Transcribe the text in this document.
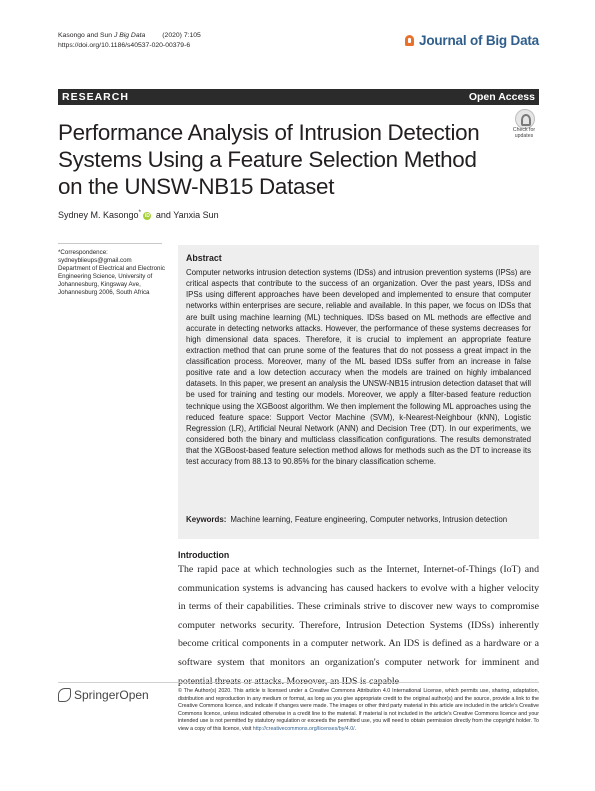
Kasongo and Sun J Big Data	(2020) 7:105
https://doi.org/10.1186/s40537-020-00379-6	Journal of Big Data
RESEARCH	Open Access
Performance Analysis of Intrusion Detection Systems Using a Feature Selection Method on the UNSW-NB15 Dataset
Check for
updates
Sydney M. Kasongo* iD and Yanxia Sun
*Correspondence:
sydneyblieups@gmail.com
Department of Electrical and Electronic Engineering Science, University of Johannesburg, Kingsway Ave, Johannesburg 2006, South Africa
Abstract
Computer networks intrusion detection systems (IDSs) and intrusion prevention systems (IPSs) are critical aspects that contribute to the success of an organization. Over the past years, IDSs and IPSs using different approaches have been developed and implemented to ensure that computer networks within enterprises are secure, reliable and available. In this paper, we focus on IDSs that are built using machine learning (ML) techniques. IDSs based on ML methods are effective and accurate in detecting networks attacks. However, the performance of these systems decreases for high dimensional data spaces. Therefore, it is crucial to implement an appropriate feature extraction method that can prune some of the features that do not possess a great impact in the classification process. Moreover, many of the ML based IDSs suffer from an increase in false positive rate and a low detection accuracy when the models are trained on highly imbalanced datasets. In this paper, we present an analysis the UNSW-NB15 intrusion detection dataset that will be used for training and testing our models. Moreover, we apply a filter-based feature reduction technique using the XGBoost algorithm. We then implement the following ML approaches using the reduced feature space: Support Vector Machine (SVM), k-Nearest-Neighbour (kNN), Logistic Regression (LR), Artificial Neural Network (ANN) and Decision Tree (DT). In our experiments, we considered both the binary and multiclass classification configurations. The results demonstrated that the XGBoost-based feature selection method allows for methods such as the DT to increase its test accuracy from 88.13 to 90.85% for the binary classification scheme.
Keywords: Machine learning, Feature engineering, Computer networks, Intrusion detection
Introduction
The rapid pace at which technologies such as the Internet, Internet-of-Things (IoT) and communication systems is advancing has caused hackers to evolve with a higher velocity in terms of their capabilities. These criminals strive to discover new ways to compromise computer networks security. Therefore, Intrusion Detection Systems (IDSs) inherently become critical components in a computer network. An IDS is defined as a hardware or a software system that monitors an organization's computer network for imminent and
SpringerOpen	© The Author(s) 2020. This article is licensed under a Creative Commons Attribution 4.0 International License, which permits use, sharing, adaptation, distribution and reproduction in any medium or format, as long as you give appropriate credit to the original author(s) and the source, provide a link to the Creative Commons licence, and indicate if changes were made. The images or other third party material in this article are included in the article's Creative Commons licence, unless indicated otherwise in a credit line to the material. If material is not included in the article's Creative Commons licence and your intended use is not permitted by statutory regulation or exceeds the permitted use, you will need to obtain permission directly from the copyright holder. To view a copy of this licence, visit http://creativecommons.org/licenses/by/4.0/.
